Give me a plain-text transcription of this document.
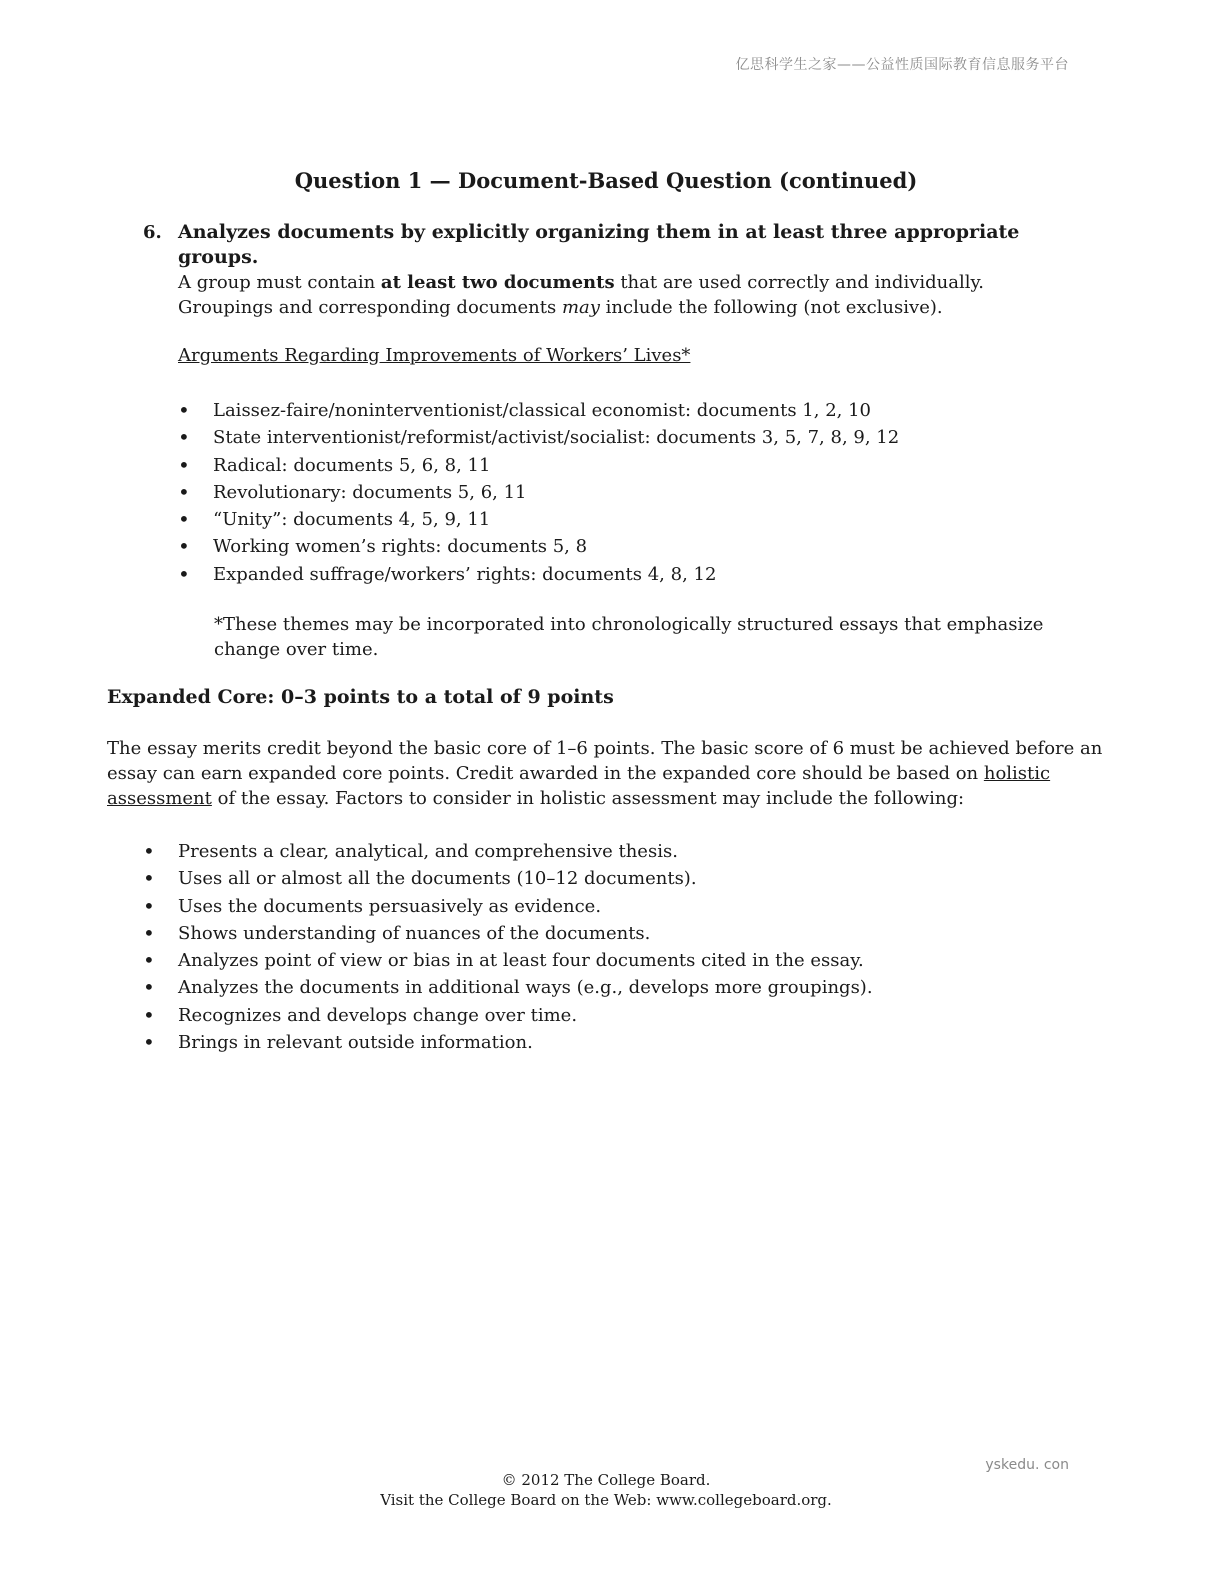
亿思科学生之家——公益性质国际教育信息服务平台
Question 1 — Document-Based Question (continued)
6. Analyzes documents by explicitly organizing them in at least three appropriate groups.
A group must contain at least two documents that are used correctly and individually. Groupings and corresponding documents may include the following (not exclusive).
Arguments Regarding Improvements of Workers’ Lives*
• Laissez-faire/noninterventionist/classical economist: documents 1, 2, 10
• State interventionist/reformist/activist/socialist: documents 3, 5, 7, 8, 9, 12
• Radical: documents 5, 6, 8, 11
• Revolutionary: documents 5, 6, 11
• “Unity”: documents 4, 5, 9, 11
• Working women’s rights: documents 5, 8
• Expanded suffrage/workers’ rights: documents 4, 8, 12
*These themes may be incorporated into chronologically structured essays that emphasize change over time.
Expanded Core: 0–3 points to a total of 9 points
The essay merits credit beyond the basic core of 1–6 points. The basic score of 6 must be achieved before an essay can earn expanded core points. Credit awarded in the expanded core should be based on holistic assessment of the essay. Factors to consider in holistic assessment may include the following:
• Presents a clear, analytical, and comprehensive thesis.
• Uses all or almost all the documents (10–12 documents).
• Uses the documents persuasively as evidence.
• Shows understanding of nuances of the documents.
• Analyzes point of view or bias in at least four documents cited in the essay.
• Analyzes the documents in additional ways (e.g., develops more groupings).
• Recognizes and develops change over time.
• Brings in relevant outside information.
yskedu. con
© 2012 The College Board.
Visit the College Board on the Web: www.collegeboard.org.
